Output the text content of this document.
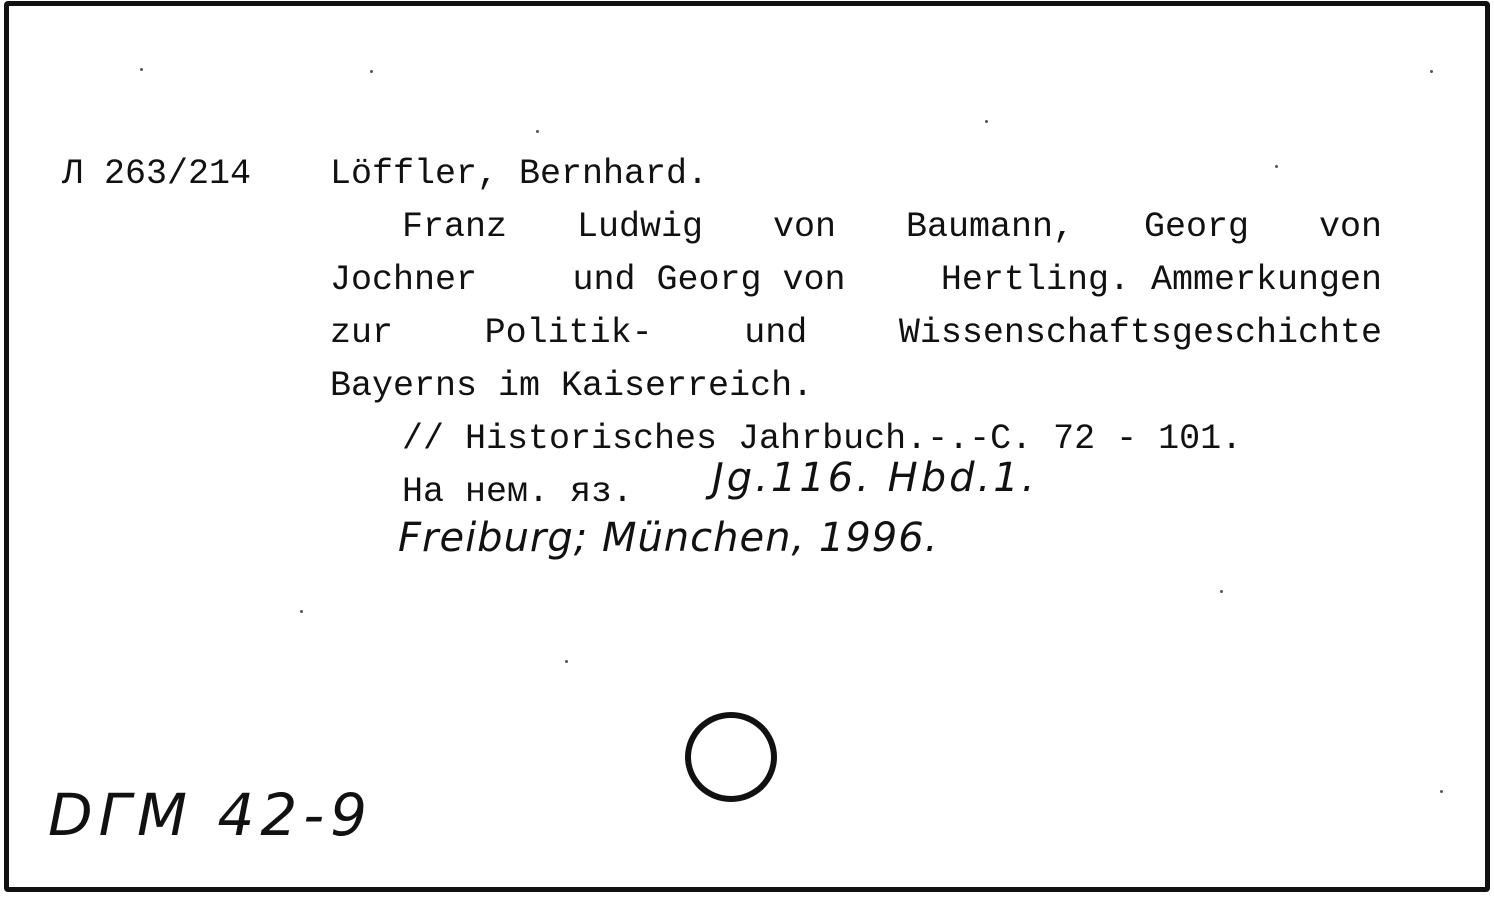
Л 263/214 Löffler, Bernhard.
Franz Ludwig von Baumann, Georg von
Jochner	und Georg von	Hertling. Ammerkungen
zur	Politik-	und	Wissenschaftsgeschichte
Bayerns im Kaiserreich.
// Historisches Jahrbuch.-.-С. 72 - 101.
На нем. яз. Jg.116. Hbd.1.
Freiburg; München, 1996.
DΓM 42-9
